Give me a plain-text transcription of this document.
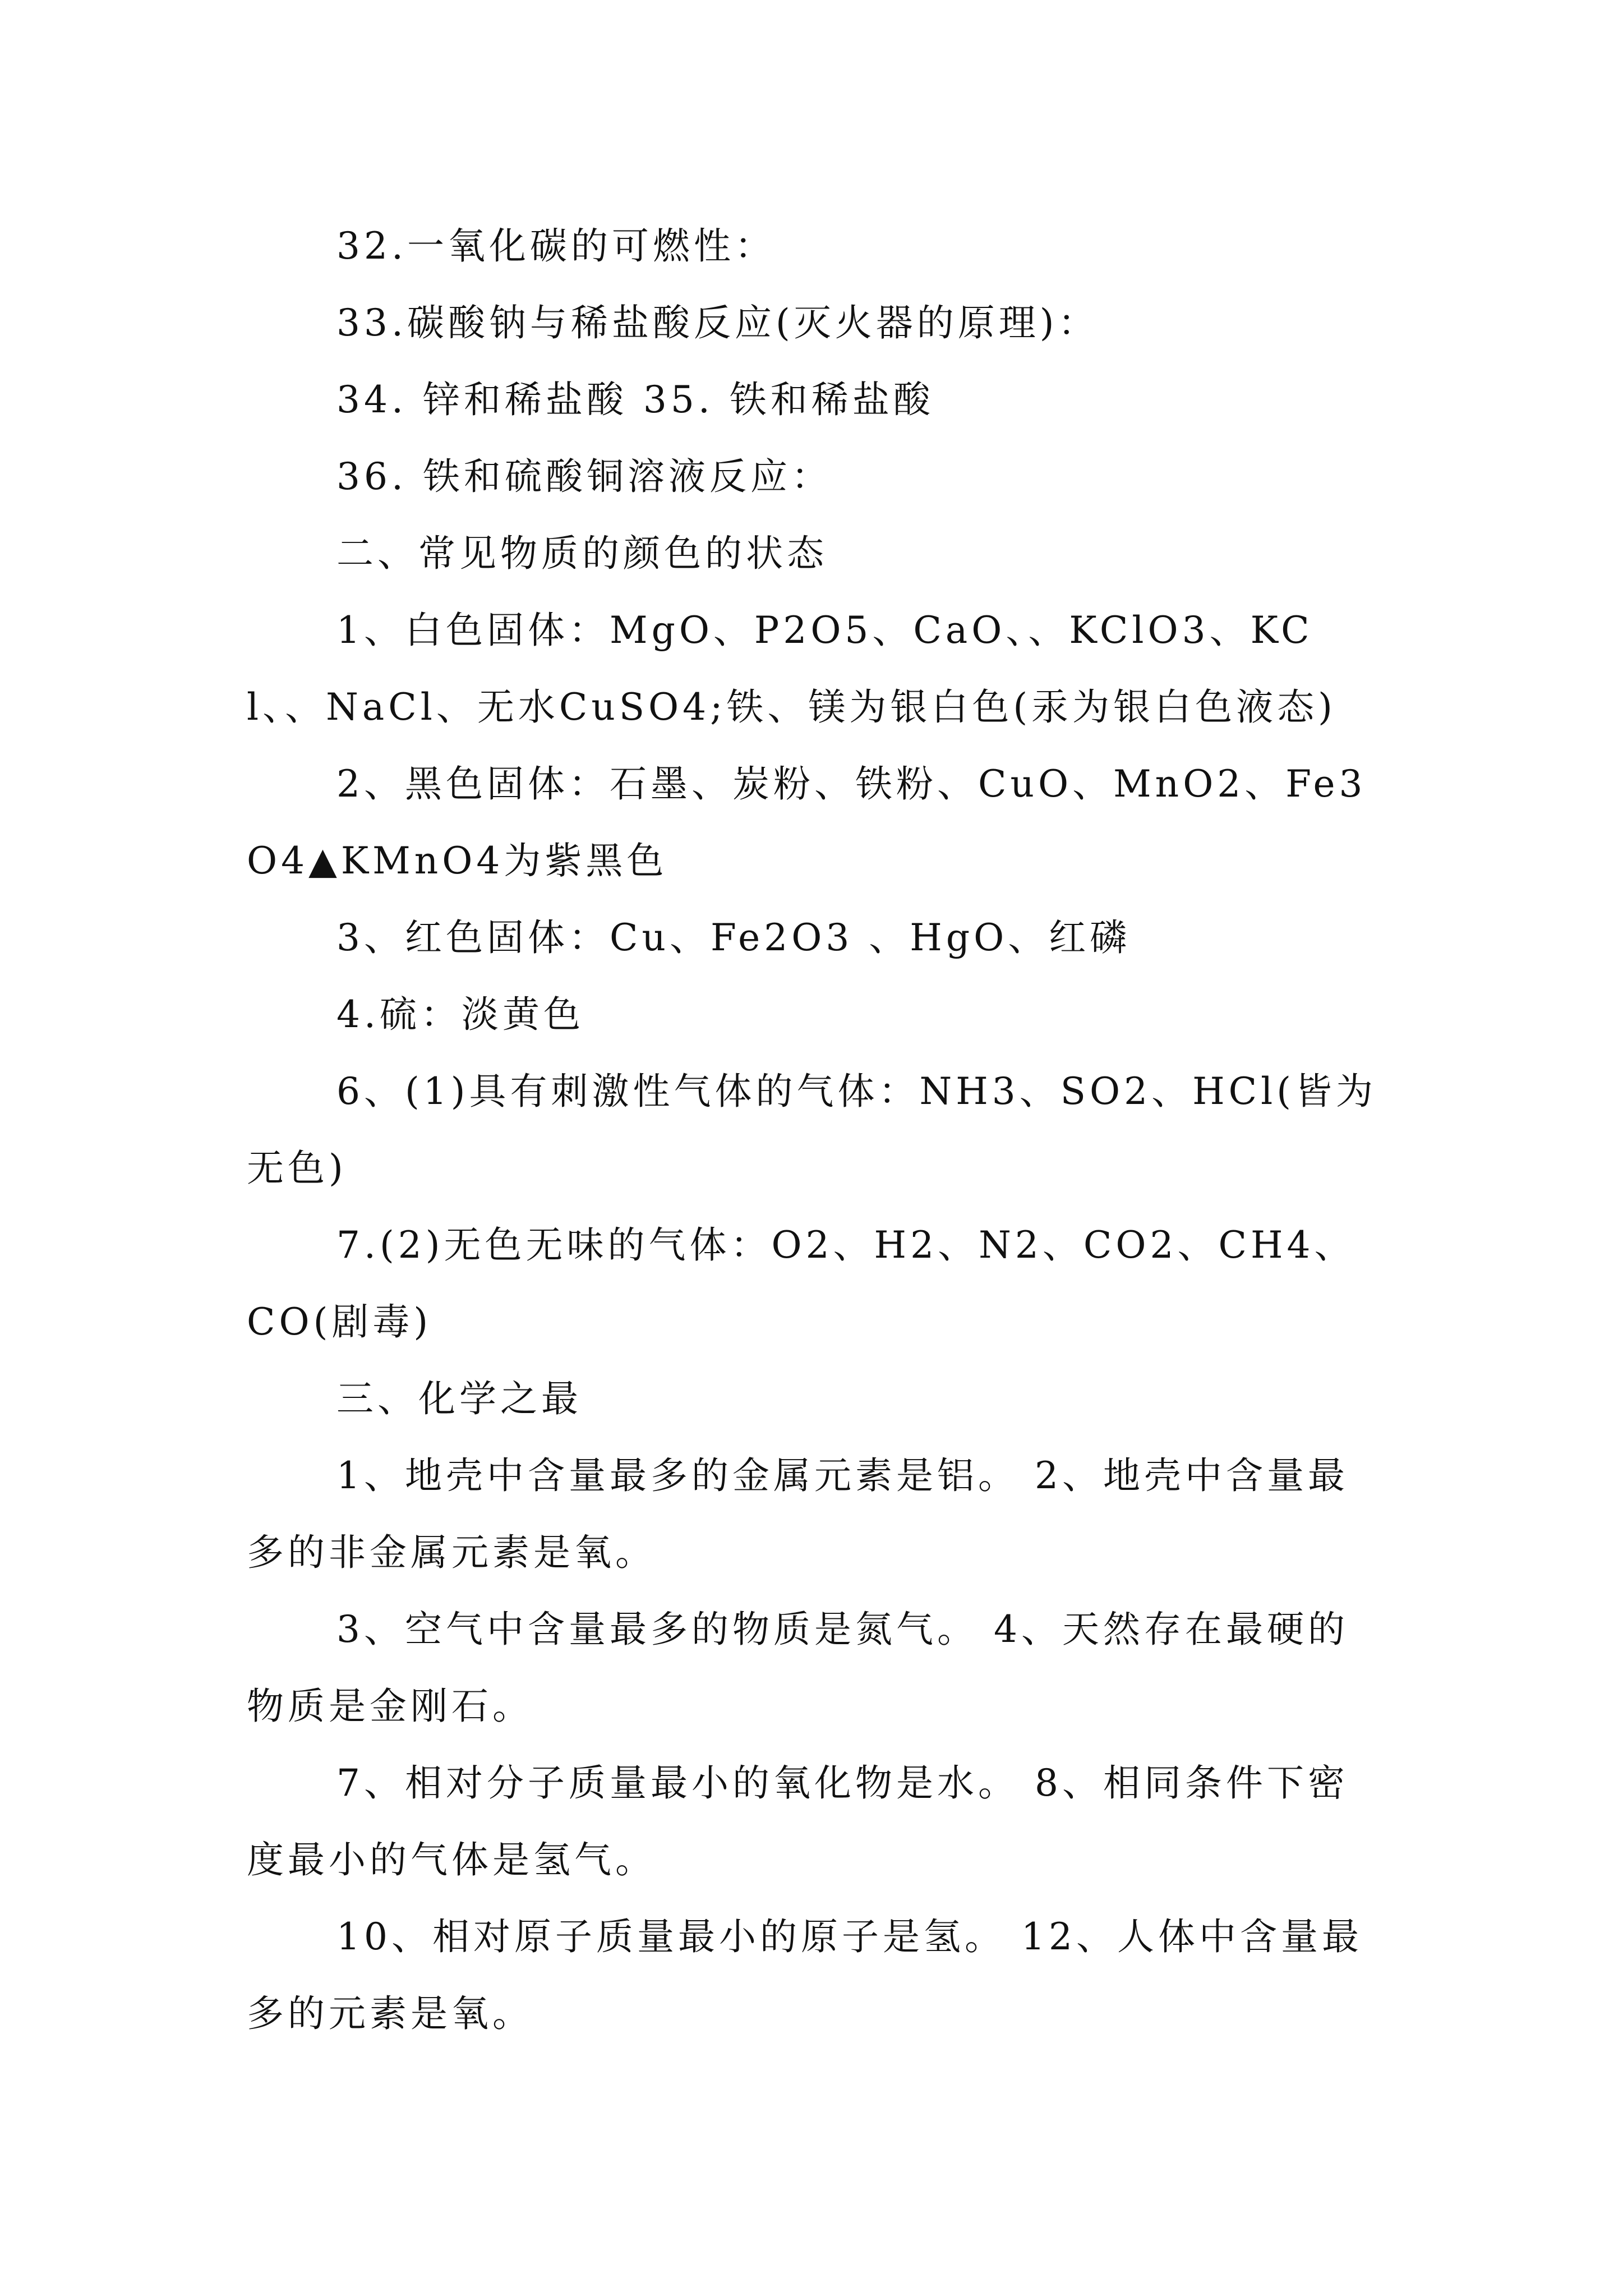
32.一氧化碳的可燃性：

33.碳酸钠与稀盐酸反应(灭火器的原理)：

34. 锌和稀盐酸 35. 铁和稀盐酸

36. 铁和硫酸铜溶液反应：

二、常见物质的颜色的状态

1、白色固体：MgO、P2O5、CaO、、KClO3、KCl、、NaCl、无水CuSO4;铁、镁为银白色(汞为银白色液态)

2、黑色固体：石墨、炭粉、铁粉、CuO、MnO2、Fe3O4▲KMnO4为紫黑色

3、红色固体：Cu、Fe2O3 、HgO、红磷

4.硫：淡黄色

6、(1)具有刺激性气体的气体：NH3、SO2、HCl(皆为无色)

7.(2)无色无味的气体：O2、H2、N2、CO2、CH4、CO(剧毒)

三、化学之最

1、地壳中含量最多的金属元素是铝。 2、地壳中含量最多的非金属元素是氧。

3、空气中含量最多的物质是氮气。 4、天然存在最硬的物质是金刚石。

7、相对分子质量最小的氧化物是水。 8、相同条件下密度最小的气体是氢气。

10、相对原子质量最小的原子是氢。 12、人体中含量最多的元素是氧。
